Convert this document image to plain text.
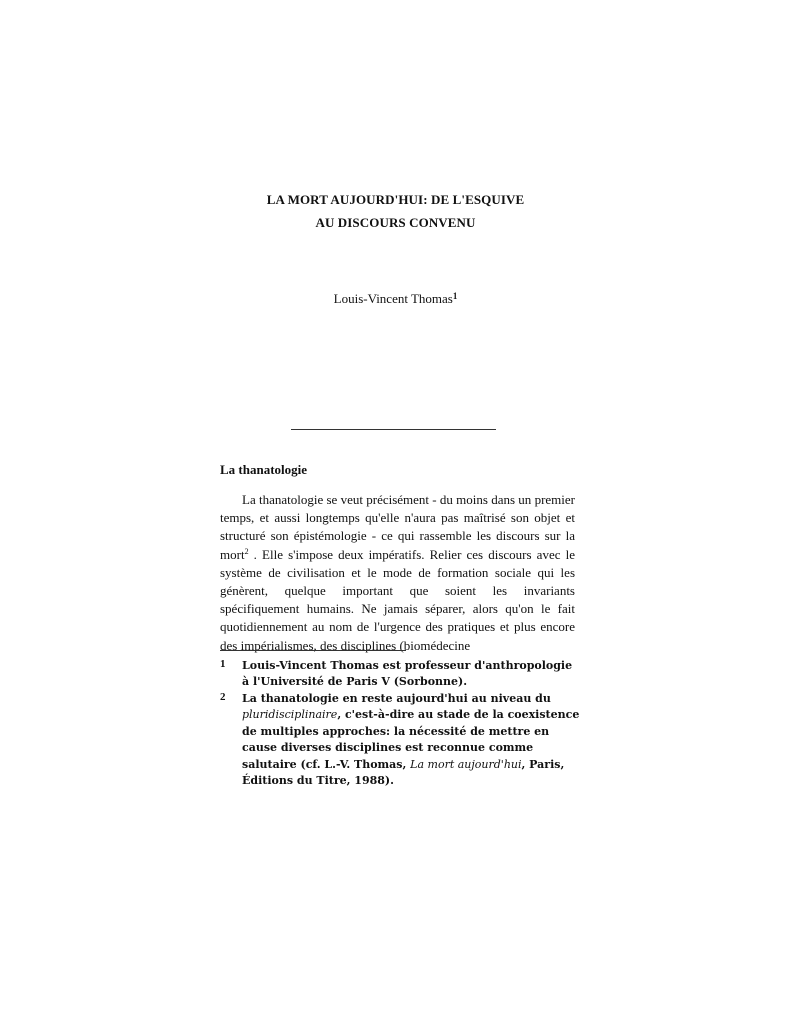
LA MORT AUJOURD'HUI: DE L'ESQUIVE
AU DISCOURS CONVENU
Louis-Vincent Thomas$^1$
La thanatologie

La thanatologie se veut précisément - du moins dans un premier temps, et aussi longtemps qu'elle n'aura pas maîtrisé son objet et structuré son épistémologie - ce qui rassemble les discours sur la mort$^2$ . Elle s'impose deux impératifs. Relier ces discours avec le système de civilisation et le mode de formation sociale qui les génèrent, quelque important que soient les invariants spécifiquement humains. Ne jamais séparer, alors qu'on le fait quotidiennement au nom de l'urgence des pratiques et plus encore des impérialismes, des disciplines (biomédecine

1 Louis-Vincent Thomas est professeur d'anthropologie à l'Université de Paris V (Sorbonne).
2 La thanatologie en reste aujourd'hui au niveau du pluridisciplinaire, c'est-à-dire au stade de la coexistence de multiples approches: la nécessité de mettre en cause diverses disciplines est reconnue comme salutaire (cf. L.-V. Thomas, La mort aujourd'hui, Paris, Éditions du Titre, 1988).
